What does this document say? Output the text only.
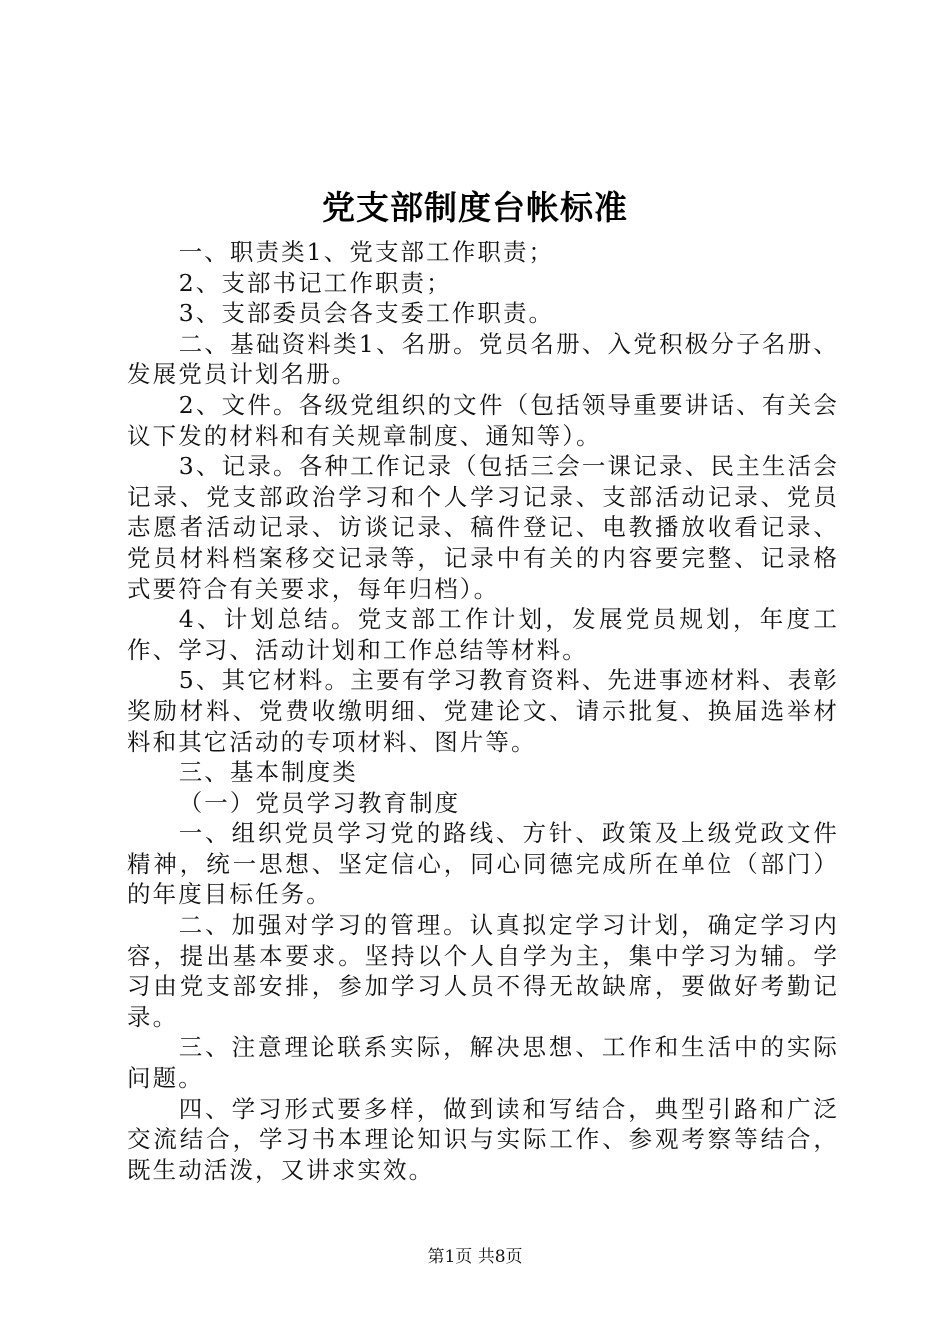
党支部制度台帐标准

一、职责类1、党支部工作职责；

2、支部书记工作职责；

3、支部委员会各支委工作职责。

二、基础资料类1、名册。党员名册、入党积极分子名册、发展党员计划名册。

2、文件。各级党组织的文件（包括领导重要讲话、有关会议下发的材料和有关规章制度、通知等）。

3、记录。各种工作记录（包括三会一课记录、民主生活会记录、党支部政治学习和个人学习记录、支部活动记录、党员志愿者活动记录、访谈记录、稿件登记、电教播放收看记录、党员材料档案移交记录等，记录中有关的内容要完整、记录格式要符合有关要求，每年归档）。

4、计划总结。党支部工作计划，发展党员规划，年度工作、学习、活动计划和工作总结等材料。

5、其它材料。主要有学习教育资料、先进事迹材料、表彰奖励材料、党费收缴明细、党建论文、请示批复、换届选举材料和其它活动的专项材料、图片等。

三、基本制度类

（一）党员学习教育制度

一、组织党员学习党的路线、方针、政策及上级党政文件精神，统一思想、坚定信心，同心同德完成所在单位（部门）的年度目标任务。

二、加强对学习的管理。认真拟定学习计划，确定学习内容，提出基本要求。坚持以个人自学为主，集中学习为辅。学习由党支部安排，参加学习人员不得无故缺席，要做好考勤记录。

三、注意理论联系实际，解决思想、工作和生活中的实际问题。

四、学习形式要多样，做到读和写结合，典型引路和广泛交流结合，学习书本理论知识与实际工作、参观考察等结合，既生动活泼，又讲求实效。

第1页 共8页
